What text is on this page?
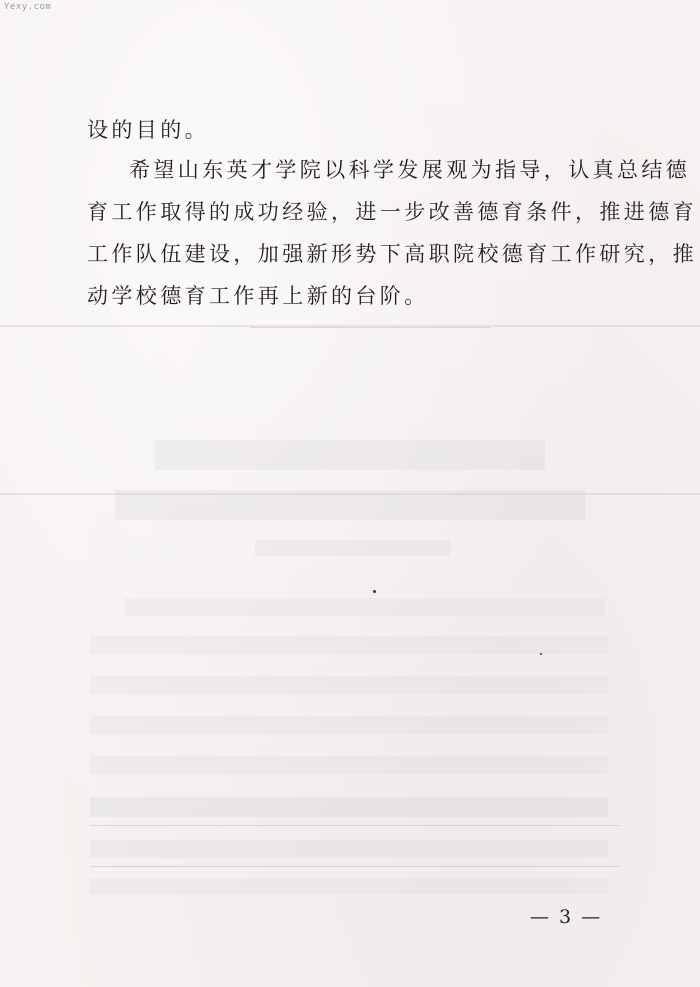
Yexy.com
设的目的。
希望山东英才学院以科学发展观为指导，认真总结德
育工作取得的成功经验，进一步改善德育条件，推进德育
工作队伍建设，加强新形势下高职院校德育工作研究，推
动学校德育工作再上新的台阶。
— 3 —
